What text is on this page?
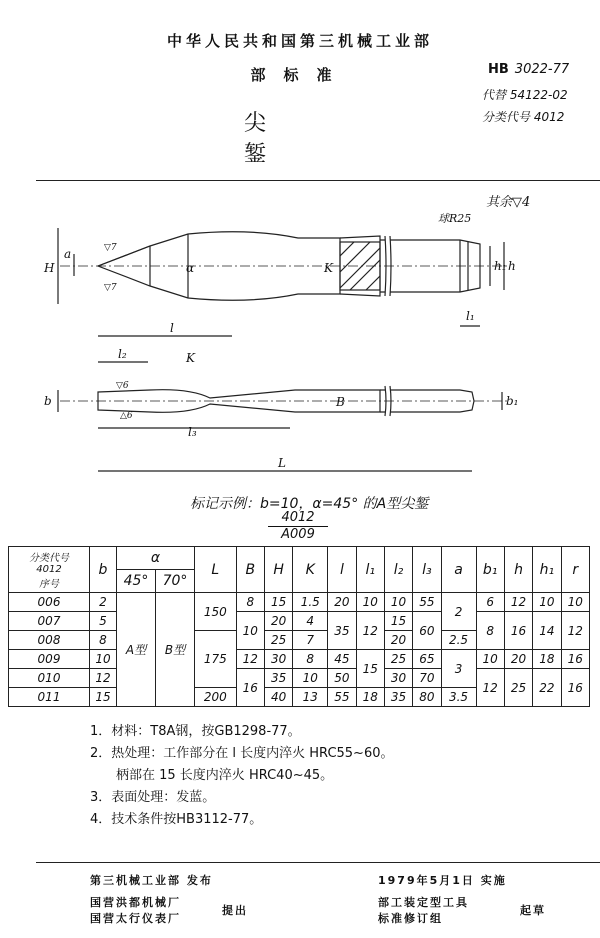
中华人民共和国第三机械工业部
部标准
尖 錾
HB 3022-77
代替 54122-02
分类代号 4012
其余▽4
H
a
α
▽7
▽7
l
K
球R25
h₁ h
l₁
l₂	K
▽6
△6
b	B	b₁
l₃
L
标记示例：b=10，α=45° 的A型尖錾
4012
A009
分类代号
4012
序号	b	α		L	B	H	K	l	l₁	l₂	l₃	a	b₁	h	h₁	r
		45°	70°													
006	2	A型	B型	150	8	15	1.5	20	10	10	55	2	6	12	10	10
007	5				10	20	4	35	12	15	60		8	16	14	12
008	8			175		25	7			20		2.5				
009	10				12	30	8	45	15	25	65	3	10	20	18	16
010	12				16	35	10	50		30	70		12	25	22	16
011	15			200		40	13	55	18	35	80	3.5				
1．材料：T8A钢，按GB1298-77。
2．热处理：工作部分在 l 长度内淬火 HRC55~60。
柄部在 15 长度内淬火 HRC40~45。
3．表面处理：发蓝。
4．技术条件按HB3112-77。
第三机械工业部 发布	1979年5月1日 实施
国营洪都机械厂
国营太行仪表厂
提出
部工装定型工具
标准修订组
起草
